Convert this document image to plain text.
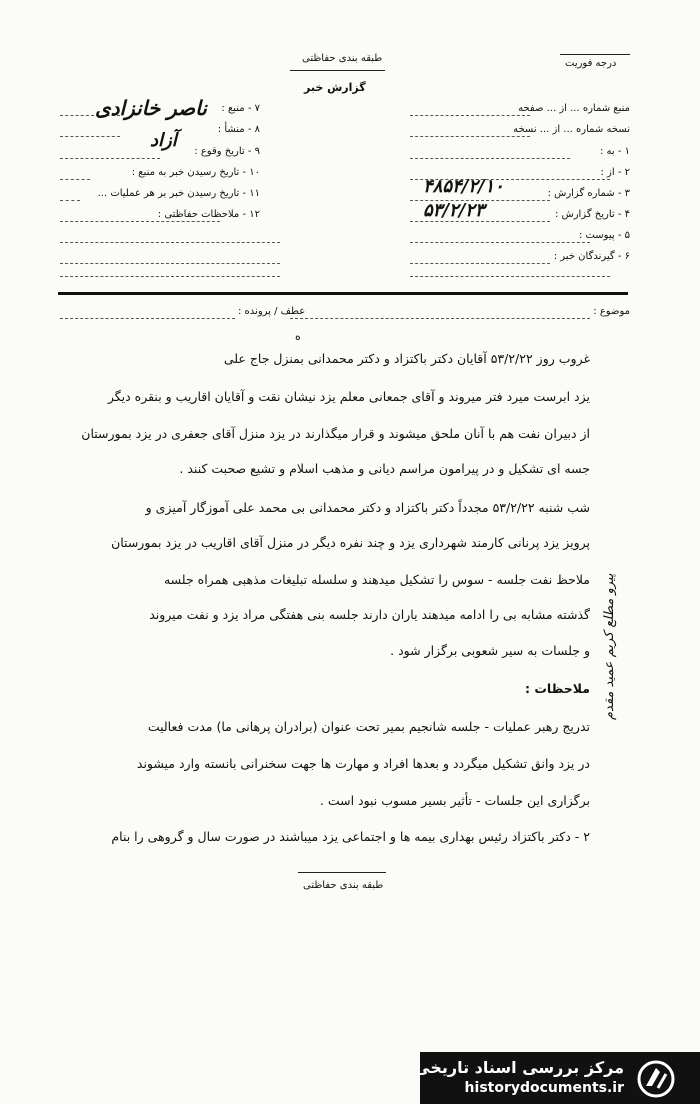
طبقه بندی حفاظتی	درجه فوریت
گزارش خبر
منبع شماره ... از ... صفحه
نسخه شماره ... از ... نسخه
۱ - به :
۲ - از :
۳ - شماره گزارش :
۴ - تاریخ گزارش :
۵ - پیوست :
۶ - گیرندگان خبر :
۷ - منبع :
۸ - منشأ :
۹ - تاریخ وقوع :
۱۰ - تاریخ رسیدن خبر به منبع :
۱۱ - تاریخ رسیدن خبر بر هر عملیات ...
۱۲ - ملاحظات حفاظتی :
ناصر خانزادی
آزاد
۴۸۵۴/۲/۱۰
۵۳/۲/۲۳
موضوع :
عطف / پرونده :
غروب روز ۵۳/۲/۲۲ آقایان دکتر باکتزاد و دکتر محمدانی بمنزل جاج علی
یزد ابرست میرد فتر میروند و آقای جمعانی معلم یزد نیشان نقت و آقایان اقاریب و بنقره دیگر
از دبیران نفت هم با آنان ملحق میشوند و قرار میگذارند در یزد منزل آقای جعفری در یزد بمورستان
جسه ای تشکیل و در پیرامون مراسم دیانی و مذهب اسلام و تشیع صحبت کنند .
شب شنبه ۵۳/۲/۲۲ مجدداً دکتر باکتزاد و دکتر محمدانی بی محمد علی آموزگار آمیزی و
پرویز یزد پرنانی کارمند شهرداری یزد و چند نفره دیگر در منزل آقای اقاریب در یزد بمورستان
ملاحظ نفت جلسه - سوس را تشکیل میدهند و سلسله تبلیغات مذهبی همراه جلسه
گذشته مشابه بی را ادامه میدهند یاران دارند جلسه بنی هفتگی مراد یزد و نفت میروند
و جلسات به سیر شعوبی برگزار شود .
ملاحظات :
تدریج رهبر عملیات - جلسه شانجیم بمیر تحت عنوان (برادران پرهانی ما) مدت فعالیت
در یزد وانق تشکیل میگردد و بعدها افراد و مهارت ها جهت سخنرانی بانسته وارد میشوند
برگزاری این جلسات - تأثیر بسیر مسوب نبود است .
۲ - دکتر باکتزاد رئیس بهداری بیمه ها و اجتماعی یزد میباشند در صورت سال و گروهی را بنام
ه
پیرو مطلع کریم عمید مقدم
طبقه بندی حفاظتی
مرکز بررسی اسناد تاریخی
historydocuments.ir
